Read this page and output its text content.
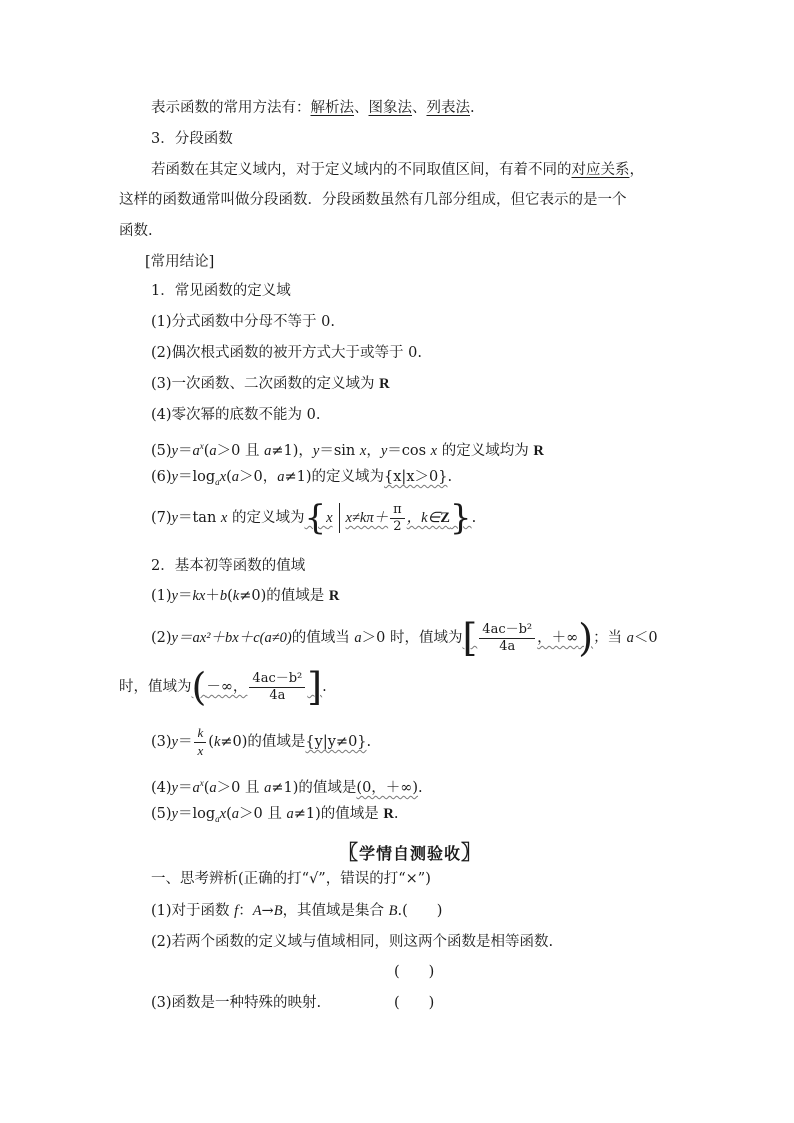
表示函数的常用方法有：解析法、图象法、列表法.
3．分段函数
若函数在其定义域内，对于定义域内的不同取值区间，有着不同的对应关系，
这样的函数通常叫做分段函数．分段函数虽然有几部分组成，但它表示的是一个
函数.
[常用结论]
1．常见函数的定义域
(1)分式函数中分母不等于 0.
(2)偶次根式函数的被开方式大于或等于 0.
(3)一次函数、二次函数的定义域为 R
(4)零次幂的底数不能为 0.
$(5)y=a^x(a>0$ 且 a≠1)，y＝sin x，y＝cos x 的定义域均为 R
$(6)y=\log_ax(a>0$，a≠1)的定义域为{x|x＞0}.
(7)y＝tan x 的定义域为{x $x\ne k\pi+ \frac{\pi}{2}$ ，k∈Z}.
2．基本初等函数的值域
(1)y＝kx＋b(k≠0)的值域是 R
(2)y＝ax²＋bx＋c(a≠0)的值域当 a＞0 时，值域为[ $\frac{\text{4ac－b²}}{4a}$ ，＋∞)；当 a＜0
时，值域为(－∞， $\frac{\text{4ac－b²}}{4a}$ ].
$(3)y= \frac{k}{x} (k\ne 0)$的值域是{y|y≠0}.
$(4)y=a^x(a>0$ 且 a≠1)的值域是(0，＋∞).
$(5)y=\log_ax(a>0$ 且 a≠1)的值域是 R.
〖学情自测验收〗
一、思考辨析(正确的打“√”，错误的打“×”)
(1)对于函数 f：A→B，其值域是集合 B.(　　)
(2)若两个函数的定义域与值域相同，则这两个函数是相等函数.
(　　)
(3)函数是一种特殊的映射.	(　　)
